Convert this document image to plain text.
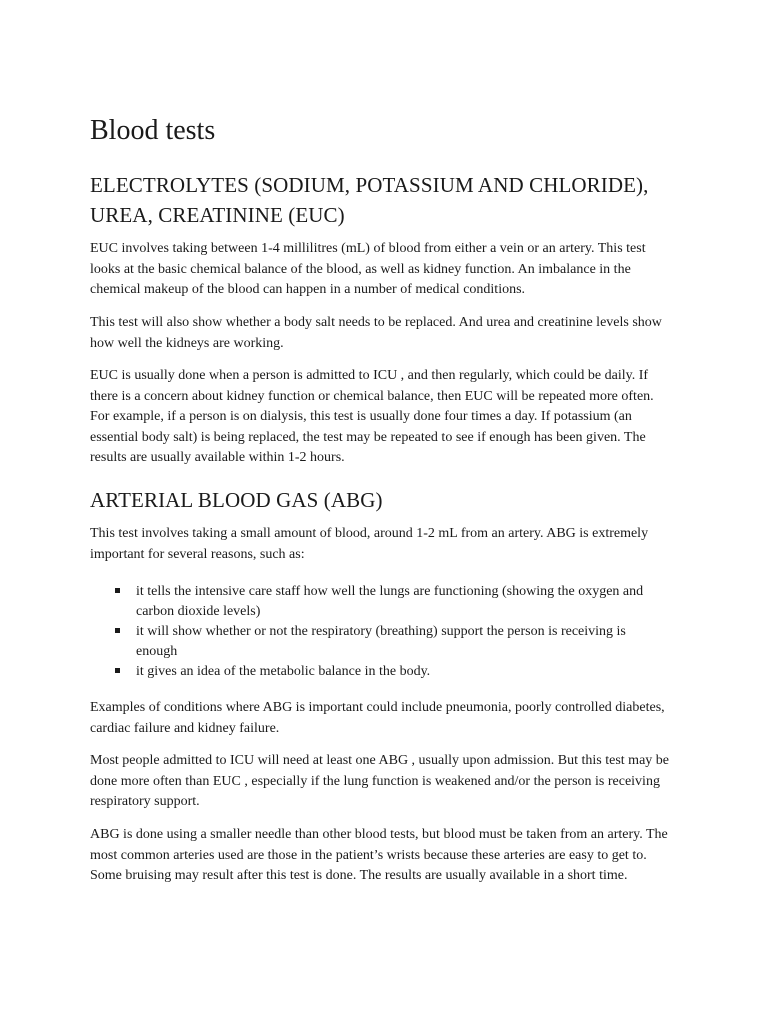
Blood tests
ELECTROLYTES (SODIUM, POTASSIUM AND CHLORIDE), UREA, CREATININE (EUC)

EUC involves taking between 1-4 millilitres (mL) of blood from either a vein or an artery. This test looks at the basic chemical balance of the blood, as well as kidney function. An imbalance in the chemical makeup of the blood can happen in a number of medical conditions.

This test will also show whether a body salt needs to be replaced. And urea and creatinine levels show how well the kidneys are working.

EUC is usually done when a person is admitted to ICU , and then regularly, which could be daily. If there is a concern about kidney function or chemical balance, then EUC will be repeated more often. For example, if a person is on dialysis, this test is usually done four times a day. If potassium (an essential body salt) is being replaced, the test may be repeated to see if enough has been given. The results are usually available within 1-2 hours.

ARTERIAL BLOOD GAS (ABG)

This test involves taking a small amount of blood, around 1-2 mL from an artery. ABG is extremely important for several reasons, such as:

it tells the intensive care staff how well the lungs are functioning (showing the oxygen and carbon dioxide levels)
it will show whether or not the respiratory (breathing) support the person is receiving is enough
it gives an idea of the metabolic balance in the body.

Examples of conditions where ABG is important could include pneumonia, poorly controlled diabetes, cardiac failure and kidney failure.

Most people admitted to ICU will need at least one ABG , usually upon admission. But this test may be done more often than EUC , especially if the lung function is weakened and/or the person is receiving respiratory support.

ABG is done using a smaller needle than other blood tests, but blood must be taken from an artery. The most common arteries used are those in the patient’s wrists because these arteries are easy to get to. Some bruising may result after this test is done. The results are usually available in a short time.
